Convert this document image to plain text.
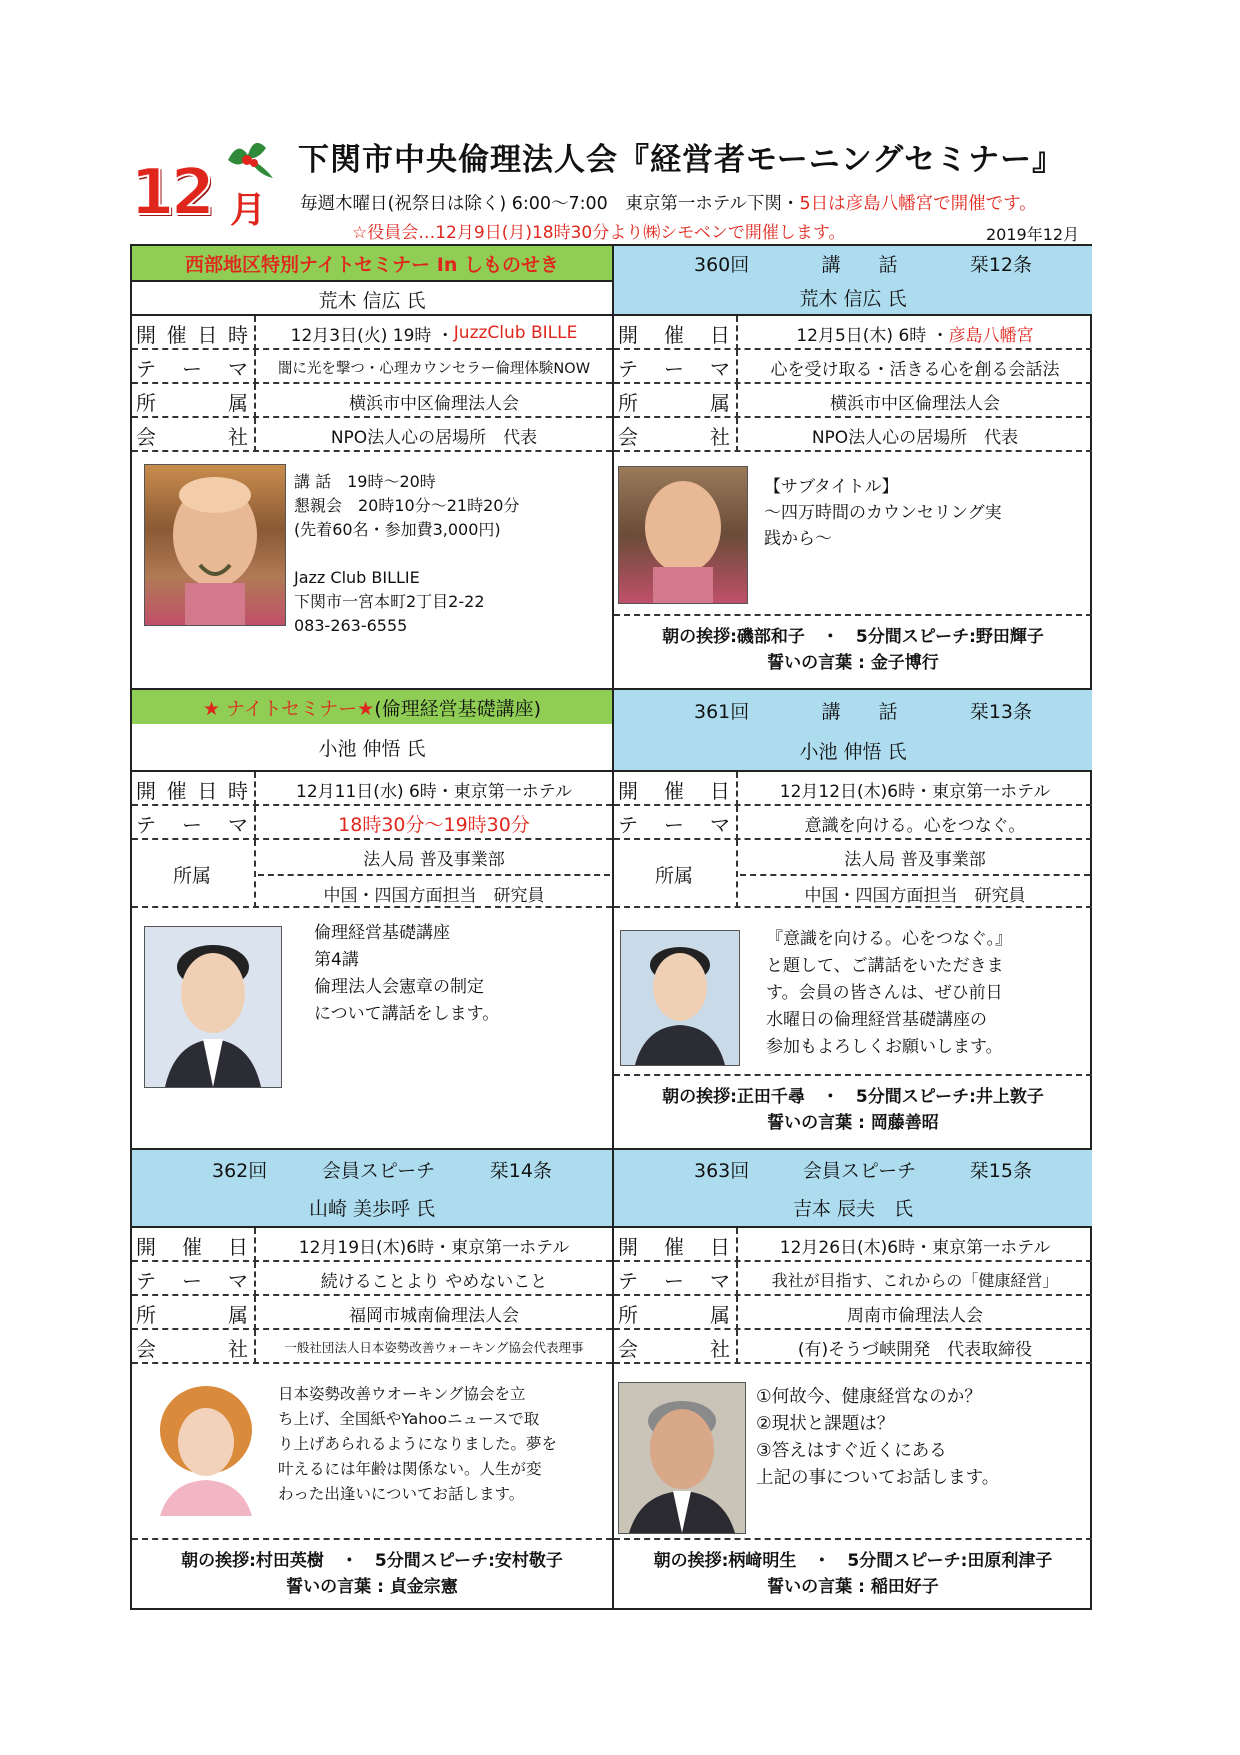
12 月
下関市中央倫理法人会『経営者モーニングセミナー』
毎週木曜日(祝祭日は除く) 6:00～7:00　東京第一ホテル下関・5日は彦島八幡宮で開催です。
☆役員会…12月9日(月)18時30分より㈱シモベンで開催します。	2019年12月
西部地区特別ナイトセミナー In しものせき
荒木 信広 氏
開 催 日 時	12月3日(火) 19時 ・ JuzzClub BILLE
テ ー マ	闇に光を撃つ・心理カウンセラー倫理体験NOW
所	属	横浜市中区倫理法人会
会	社	NPO法人心の居場所　代表
講 話　19時～20時
懇親会　20時10分～21時20分
(先着60名・参加費3,000円)

Jazz Club BILLIE
下関市一宮本町2丁目2-22
083-263-6555
360回	講　　話	栞12条
荒木 信広 氏
開 催 日	12月5日(木) 6時 ・ 彦島八幡宮
テ ー マ	心を受け取る・活きる心を創る会話法
所	属	横浜市中区倫理法人会
会	社	NPO法人心の居場所　代表
【サブタイトル】
～四万時間のカウンセリング実
践から～
朝の挨拶:磯部和子　・　5分間スピーチ:野田輝子
誓いの言葉 : 金子博行
★ ナイトセミナー★ (倫理経営基礎講座)
小池 伸悟 氏
開 催 日 時	12月11日(水) 6時・東京第一ホテル
テ ー マ	18時30分～19時30分
所属
法人局 普及事業部
中国・四国方面担当　研究員
倫理経営基礎講座
第4講
倫理法人会憲章の制定
について講話をします。
361回	講　　話	栞13条
小池 伸悟 氏
開 催 日	12月12日(木)6時・東京第一ホテル
テ ー マ	意識を向ける。心をつなぐ。
所属
法人局 普及事業部
中国・四国方面担当　研究員
『意識を向ける。心をつなぐ。』
と題して、ご講話をいただきま
す。会員の皆さんは、ぜひ前日
水曜日の倫理経営基礎講座の
参加もよろしくお願いします。
朝の挨拶:正田千尋　・　5分間スピーチ:井上敦子
誓いの言葉 : 岡藤善昭
362回	会員スピーチ	栞14条
山崎 美歩呼 氏
開 催 日	12月19日(木)6時・東京第一ホテル
テ ー マ	続けることより やめないこと
所	属	福岡市城南倫理法人会
会	社	一般社団法人日本姿勢改善ウォーキング協会代表理事
日本姿勢改善ウオーキング協会を立
ち上げ、全国紙やYahooニュースで取
り上げあられるようになりました。夢を
叶えるには年齢は関係ない。人生が変
わった出逢いについてお話します。
朝の挨拶:村田英樹　・　5分間スピーチ:安村敬子
誓いの言葉 : 貞金宗憲
363回	会員スピーチ	栞15条
吉本 辰夫　氏
開 催 日	12月26日(木)6時・東京第一ホテル
テ ー マ	我社が目指す、これからの「健康経営」
所	属	周南市倫理法人会
会	社	(有)そうづ峡開発　代表取締役
①何故今、健康経営なのか？
②現状と課題は？
③答えはすぐ近くにある
上記の事についてお話します。
朝の挨拶:柄﨑明生　・　5分間スピーチ:田原利津子
誓いの言葉 : 稲田好子
